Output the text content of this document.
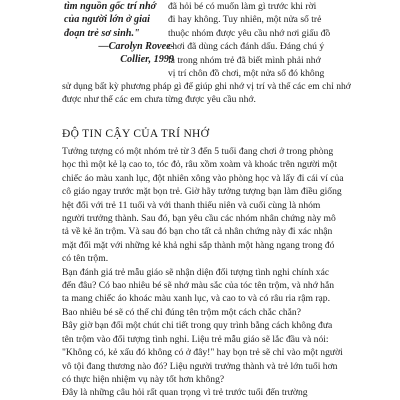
tìm nguồn gốc trí nhớ
của người lớn ở giai
đoạn trẻ sơ sinh."
—Carolyn Rovee-
Collier, 1999
đã hỏi bé có muốn làm gì trước khi rời
đi hay không. Tuy nhiên, một nửa số trẻ
thuộc nhóm được yêu cầu nhớ nơi giấu đồ
chơi đã dùng cách đánh dấu. Đáng chú ý
là trong nhóm trẻ đã biết mình phải nhớ
vị trí chôn đồ chơi, một nửa số đó không
sử dụng bất kỳ phương pháp gì để giúp ghi nhớ vị trí và thể các em chỉ nhớ
được như thế các em chưa từng được yêu cầu nhớ.
ĐỘ TIN CẬY CỦA TRÍ NHỚ
Tưởng tượng có một nhóm trẻ từ 3 đến 5 tuổi đang chơi ở trong phòng
học thì một kẻ lạ cao to, tóc đỏ, râu xồm xoàm và khoác trên người một
chiếc áo màu xanh lục, đột nhiên xông vào phòng học và lấy đi cái ví của
cô giáo ngay trước mặt bọn trẻ. Giờ hãy tưởng tượng bạn làm điều giống
hệt đối với trẻ 11 tuổi và với thanh thiếu niên và cuối cùng là nhóm
người trưởng thành. Sau đó, bạn yêu cầu các nhóm nhân chứng này mô
tả về kẻ ăn trộm. Và sau đó bạn cho tất cả nhân chứng này đi xác nhận
mặt đối mặt với những kẻ khả nghi sắp thành một hàng ngang trong đó
có tên trộm.
Bạn đánh giá trẻ mẫu giáo sẽ nhận diện đối tượng tình nghi chính xác
đến đâu? Có bao nhiêu bé sẽ nhớ màu sắc của tóc tên trộm, và nhớ hắn
ta mang chiếc áo khoác màu xanh lục, và cao to và có râu ria rậm rạp.
Bao nhiêu bé sẽ có thể chỉ đúng tên trộm một cách chắc chắn?
Bây giờ bạn đổi một chút chi tiết trong quy trình bằng cách không đưa
tên trộm vào đối tượng tình nghi. Liệu trẻ mẫu giáo sẽ lắc đầu và nói:
"Không có, kẻ xấu đó không có ở đây!" hay bọn trẻ sẽ chỉ vào một người
vô tội đang thương nào đó? Liệu người trưởng thành và trẻ lớn tuổi hơn
có thực hiện nhiệm vụ này tốt hơn không?
Đây là những câu hỏi rất quan trọng vì trẻ trước tuổi đến trường
